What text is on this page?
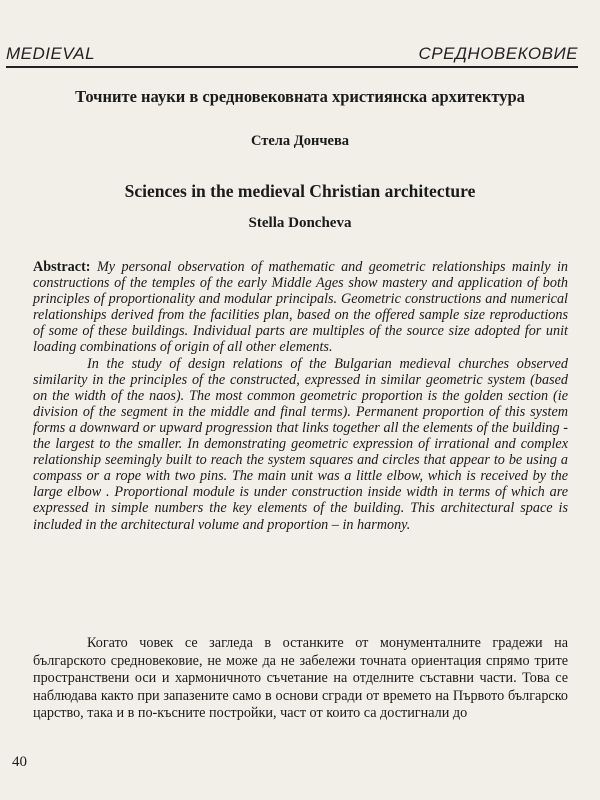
MEDIEVAL	СРЕДНОВЕКОВИЕ
Точните науки в средновековната християнска архитектура
Стела Дончева
Sciences in the medieval Christian architecture
Stella Doncheva

Abstract: My personal observation of mathematic and geometric relationships mainly in constructions of the temples of the early Middle Ages show mastery and application of both principles of proportionality and modular principals. Geometric constructions and numerical relationships derived from the facilities plan, based on the offered sample size reproductions of some of these buildings. Individual parts are multiples of the source size adopted for unit loading combinations of origin of all other elements.

In the study of design relations of the Bulgarian medieval churches observed similarity in the principles of the constructed, expressed in similar geometric system (based on the width of the naos). The most common geometric proportion is the golden section (ie division of the segment in the middle and final terms). Permanent proportion of this system forms a downward or upward progression that links together all the elements of the building - the largest to the smaller. In demonstrating geometric expression of irrational and complex relationship seemingly built to reach the system squares and circles that appear to be using a compass or a rope with two pins. The main unit was a little elbow, which is received by the large elbow . Proportional module is under construction inside width in terms of which are expressed in simple numbers the key elements of the building. This architectural space is included in the architectural volume and proportion – in harmony.

Когато човек се загледа в останките от монументалните градежи на българското средновековие, не може да не забележи точната ориентация спрямо трите пространствени оси и хармоничното съчетание на отделните съставни части. Това се наблюдава както при запазените само в основи сгради от времето на Първото българско царство, така и в по-късните постройки, част от които са достигнали до

40
